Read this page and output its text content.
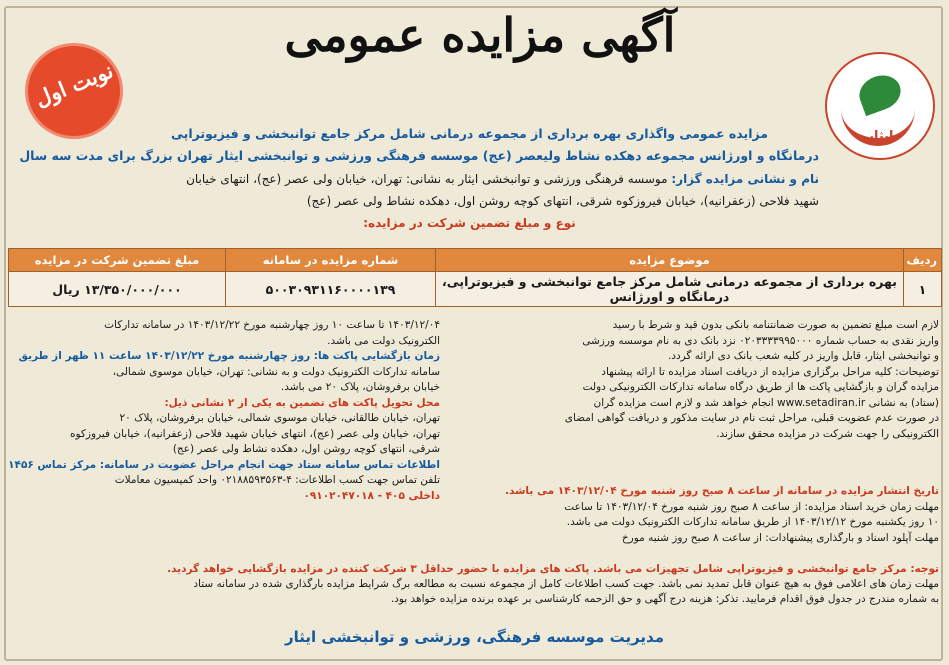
آگهی مزایده عمومی
ایثار
نوبت اول
مزایده عمومی واگذاری بهره برداری از مجموعه درمانی شامل مرکز جامع توانبخشی و فیزیوتراپی
درمانگاه و اورژانس مجموعه دهکده نشاط ولیعصر (عج) موسسه فرهنگی ورزشی و توانبخشی ایثار تهران بزرگ برای مدت سه سال
نام و نشانی مزایده گزار: موسسه فرهنگی ورزشی و توانبخشی ایثار به نشانی: تهران، خیابان ولی عصر (عج)، انتهای خیابان
شهید فلاحی (زعفرانیه)، خیابان فیروزکوه شرقی، انتهای کوچه روشن اول، دهکده نشاط ولی عصر (عج)
نوع و مبلغ تضمین شرکت در مزایده:
ردیف	موضوع مزایده	شماره مزایده در سامانه	مبلغ تضمین شرکت در مزایده
۱	بهره برداری از مجموعه درمانی شامل مرکز جامع توانبخشی و فیزیوتراپی، درمانگاه و اورژانس	۵۰۰۳۰۹۳۱۱۶۰۰۰۰۱۳۹	۱۳/۳۵۰/۰۰۰/۰۰۰ ریال

لازم است مبلغ تضمین به صورت ضمانتنامه بانکی بدون قید و شرط با رسید

واریز نقدی به حساب شماره ۰۲۰۳۳۳۳۹۹۵۰۰۰ نزد بانک دی به نام موسسه ورزشی

و توانبخشی ایثار، قابل واریز در کلیه شعب بانک دی ارائه گردد.

توضیحات: کلیه مراحل برگزاری مزایده از دریافت اسناد مزایده تا ارائه پیشنهاد

مزایده گران و بازگشایی پاکت ها از طریق درگاه سامانه تدارکات الکترونیکی دولت

(ستاد) به نشانی www.setadiran.ir انجام خواهد شد و لازم است مزایده گران

در صورت عدم عضویت قبلی، مراحل ثبت نام در سایت مذکور و دریافت گواهی امضای

الکترونیکی را جهت شرکت در مزایده محقق سازند.

۱۴۰۳/۱۲/۰۴ تا ساعت ۱۰ روز چهارشنبه مورخ ۱۴۰۳/۱۲/۲۲ در سامانه تدارکات

الکترونیک دولت می باشد.

زمان بازگشایی پاکت ها: روز چهارشنبه مورخ ۱۴۰۳/۱۲/۲۲ ساعت ۱۱ ظهر از طریق

سامانه تدارکات الکترونیک دولت و به نشانی: تهران، خیابان موسوی شمالی،

خیابان برفروشان، پلاک ۲۰ می باشد.

محل تحویل پاکت های تضمین به یکی از ۲ نشانی ذیل:

تهران، خیابان طالقانی، خیابان موسوی شمالی، خیابان برفروشان، پلاک ۲۰

تهران، خیابان ولی عصر (عج)، انتهای خیابان شهید فلاحی (زعفرانیه)، خیابان فیروزکوه

شرقی، انتهای کوچه روشن اول، دهکده نشاط ولی عصر (عج)

اطلاعات تماس سامانه ستاد جهت انجام مراحل عضویت در سامانه: مرکز تماس ۱۴۵۶

تلفن تماس جهت کسب اطلاعات: ۴-۰۲۱۸۸۵۹۳۵۶۳ واحد کمیسیون معاملات

داخلی ۴۰۵ - ۰۹۱۰۲۰۴۷۰۱۸	تاریخ انتشار مزایده در سامانه از ساعت ۸ صبح روز شنبه مورخ ۱۴۰۳/۱۲/۰۴ می باشد.

مهلت زمان خرید اسناد مزایده: از ساعت ۸ صبح روز شنبه مورخ ۱۴۰۳/۱۲/۰۴ تا ساعت

۱۰ روز یکشنبه مورخ ۱۴۰۳/۱۲/۱۲ از طریق سامانه تدارکات الکترونیک دولت می باشد.

مهلت آپلود اسناد و بارگذاری پیشنهادات: از ساعت ۸ صبح روز شنبه مورخ

توجه: مرکز جامع توانبخشی و فیزیوتراپی شامل تجهیزات می باشد. پاکت های مزایده با حضور حداقل ۳ شرکت کننده در مزایده بازگشایی خواهد گردید.

مهلت زمان های اعلامی فوق به هیچ عنوان قابل تمدید نمی باشد. جهت کسب اطلاعات کامل از مجموعه نسبت به مطالعه برگ شرایط مزایده بارگذاری شده در سامانه ستاد

به شماره مندرج در جدول فوق اقدام فرمایید. تذکر: هزینه درج آگهی و حق الزحمه کارشناسی بر عهده برنده مزایده خواهد بود.

مدیریت موسسه فرهنگی، ورزشی و توانبخشی ایثار
